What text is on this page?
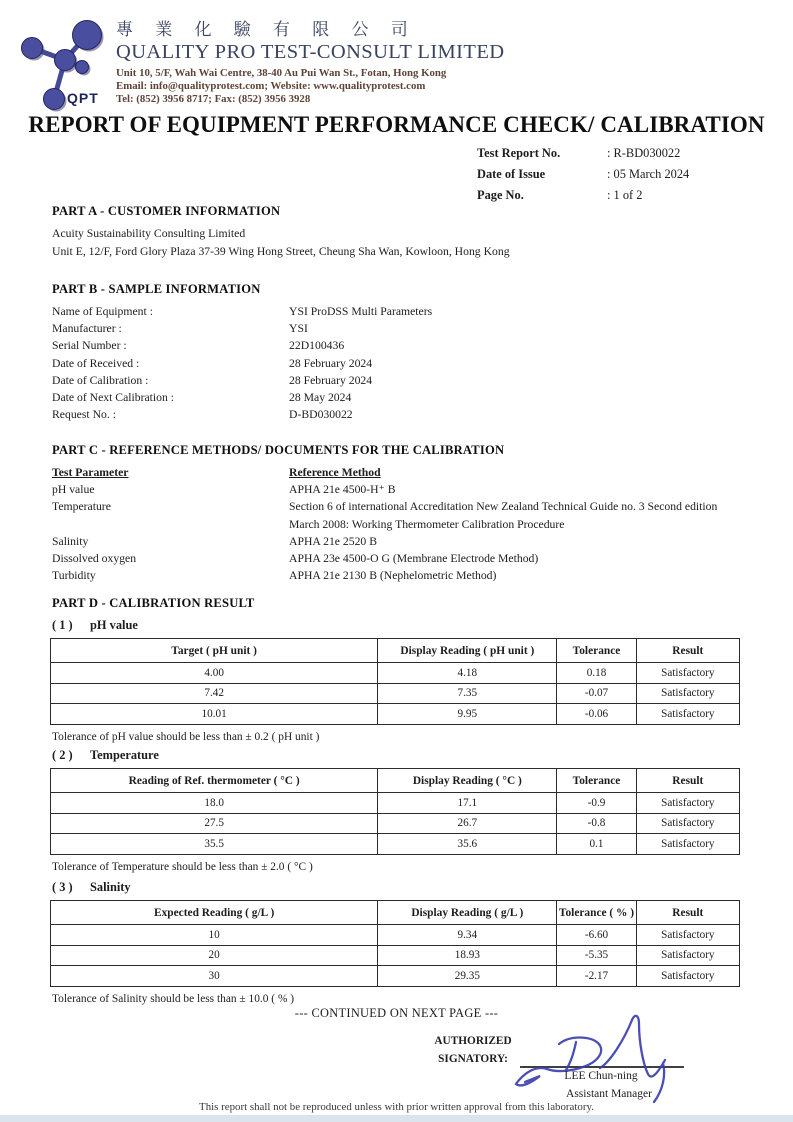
QPT
專 業 化 驗 有 限 公 司
QUALITY PRO TEST-CONSULT LIMITED
Unit 10, 5/F, Wah Wai Centre, 38-40 Au Pui Wan St., Fotan, Hong Kong
Email: info@qualityprotest.com; Website: www.qualityprotest.com
Tel: (852) 3956 8717; Fax: (852) 3956 3928
REPORT OF EQUIPMENT PERFORMANCE CHECK/ CALIBRATION
Test Report No.	: R-BD030022
Date of Issue	: 05 March 2024
Page No.	: 1 of 2
PART A - CUSTOMER INFORMATION
Acuity Sustainability Consulting Limited
Unit E, 12/F, Ford Glory Plaza 37-39 Wing Hong Street, Cheung Sha Wan, Kowloon, Hong Kong
PART B - SAMPLE INFORMATION
Name of Equipment :	YSI ProDSS Multi Parameters
Manufacturer :	YSI
Serial Number :	22D100436
Date of Received :	28 February 2024
Date of Calibration :	28 February 2024
Date of Next Calibration :	28 May 2024
Request No. :	D-BD030022
PART C - REFERENCE METHODS/ DOCUMENTS FOR THE CALIBRATION
Test Parameter	Reference Method
pH value	APHA 21e 4500-H⁺ B
Temperature	Section 6 of international Accreditation New Zealand Technical Guide no. 3 Second edition March 2008: Working Thermometer Calibration Procedure
Salinity	APHA 21e 2520 B
Dissolved oxygen	APHA 23e 4500-O G (Membrane Electrode Method)
Turbidity	APHA 21e 2130 B (Nephelometric Method)
PART D - CALIBRATION RESULT
( 1 )	pH value
Target ( pH unit )	Display Reading ( pH unit )	Tolerance	Result
4.00	4.18	0.18	Satisfactory
7.42	7.35	-0.07	Satisfactory
10.01	9.95	-0.06	Satisfactory
Tolerance of pH value should be less than ± 0.2 ( pH unit )
( 2 )	Temperature
Reading of Ref. thermometer ( °C )	Display Reading ( °C )	Tolerance	Result
18.0	17.1	-0.9	Satisfactory
27.5	26.7	-0.8	Satisfactory
35.5	35.6	0.1	Satisfactory
Tolerance of Temperature should be less than ± 2.0 ( °C )
( 3 )	Salinity
Expected Reading ( g/L )	Display Reading ( g/L )	Tolerance ( % )	Result
10	9.34	-6.60	Satisfactory
20	18.93	-5.35	Satisfactory
30	29.35	-2.17	Satisfactory
Tolerance of Salinity should be less than ± 10.0 ( % )
--- CONTINUED ON NEXT PAGE ---
AUTHORIZED
SIGNATORY:
LEE Chun-ning
Assistant Manager
This report shall not be reproduced unless with prior written approval from this laboratory.
